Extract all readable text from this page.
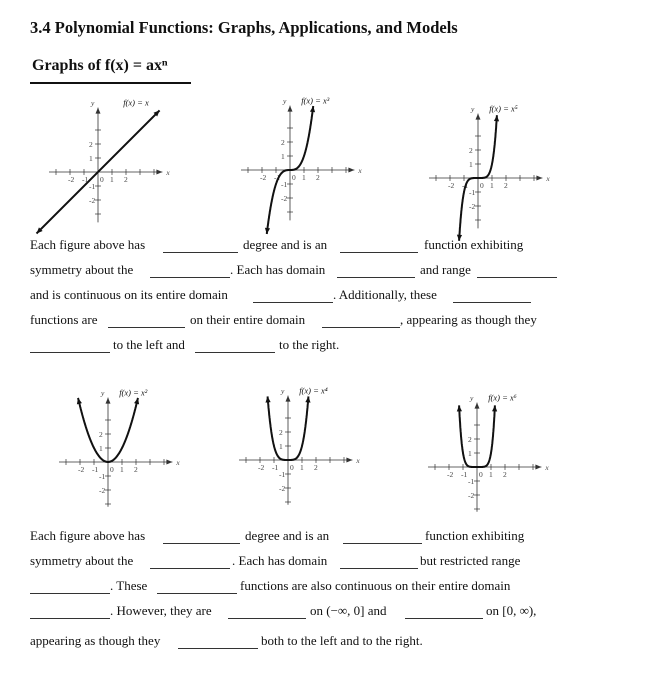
3.4 Polynomial Functions: Graphs, Applications, and Models
Graphs of f(x) = axⁿ
-2 -1 0 1 2
2
1
-1
-2
x
y	f(x) = x
-2 -1 0 1 2
2
1
-1
-2
x
y f(x) = x³
-2 -1 0 1 2
2
1
-1
-2
x
y f(x) = x⁵
-2 -1 0 1 2
2
1
-1
-2
x
y f(x) = x²
-2 -1 0 1 2
2
1
-1
-2
x
y f(x) = x⁴
-2 -1 0 1 2
2
1
-1
-2
x
y f(x) = x⁶
Each figure above has	degree and is an	function exhibiting
symmetry about the	. Each has domain	and range
and is continuous on its entire domain	. Additionally, these
functions are	on their entire domain	, appearing as though they
to the left and	to the right.
Each figure above has	degree and is an	function exhibiting
symmetry about the	. Each has domain	but restricted range
. These	functions are also continuous on their entire domain
. However, they are	on (−∞, 0] and	on [0, ∞),
appearing as though they	both to the left and to the right.
